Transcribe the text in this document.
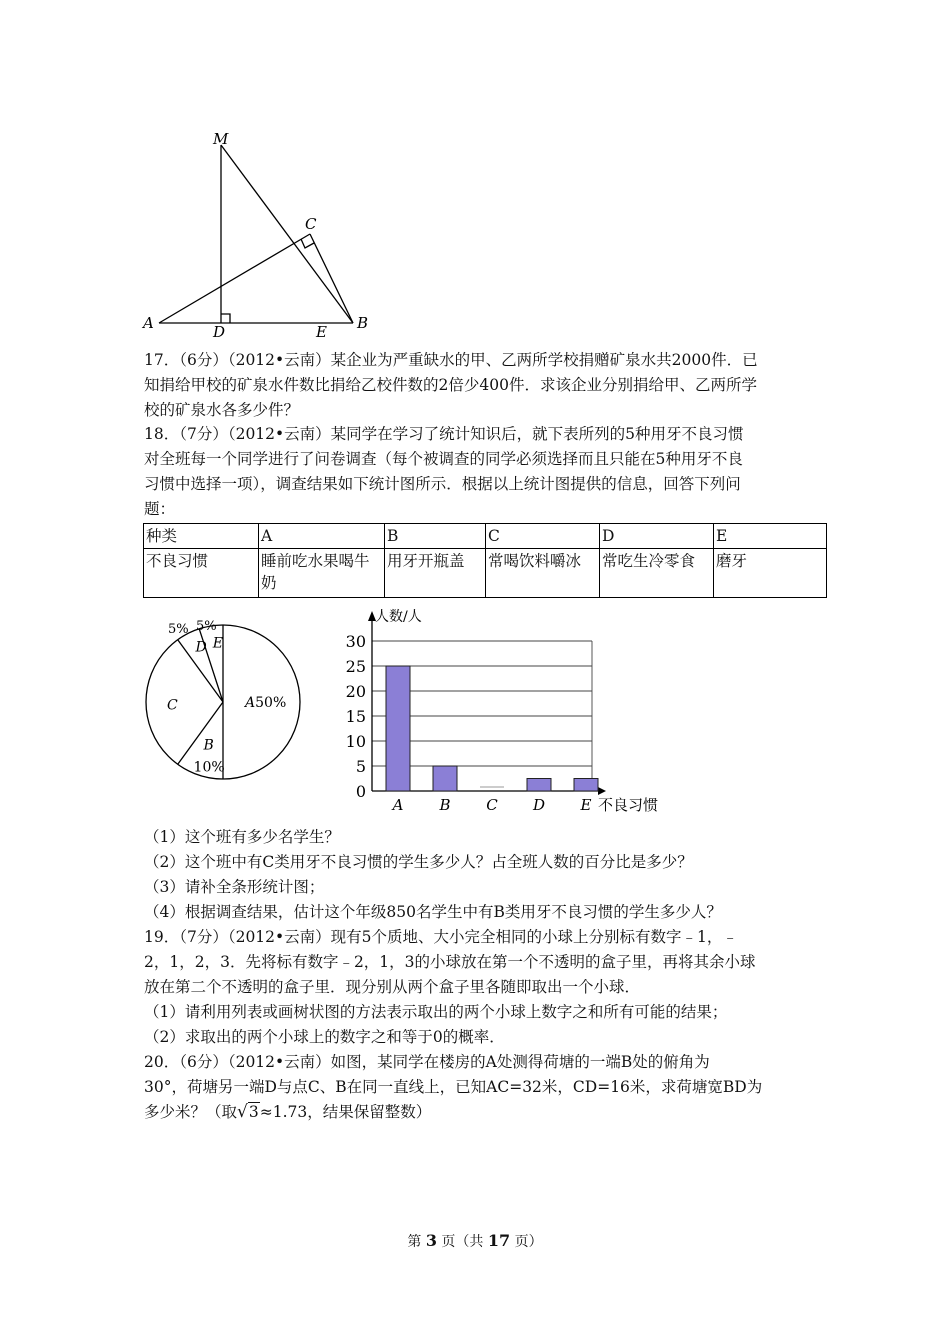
M
C
A	D	E B
17．（6分）（2012•云南）某企业为严重缺水的甲、乙两所学校捐赠矿泉水共2000件．已
知捐给甲校的矿泉水件数比捐给乙校件数的2倍少400件．求该企业分别捐给甲、乙两所学
校的矿泉水各多少件？
18．（7分）（2012•云南）某同学在学习了统计知识后，就下表所列的5种用牙不良习惯
对全班每一个同学进行了问卷调查（每个被调查的同学必须选择而且只能在5种用牙不良
习惯中选择一项），调查结果如下统计图所示．根据以上统计图提供的信息，回答下列问
题：
种类	A	B	C	D	E
不良习惯	睡前吃水果喝牛奶	用牙开瓶盖	常喝饮料嚼冰	常吃生冷零食	磨牙
A50%
B
10%
C
D E
5% 5%
0
5
10
15
20
25
30
人数/人
不良习惯
A B C D E
（1）这个班有多少名学生？
（2）这个班中有C类用牙不良习惯的学生多少人？占全班人数的百分比是多少？
（3）请补全条形统计图；
（4）根据调查结果，估计这个年级850名学生中有B类用牙不良习惯的学生多少人？
19．（7分）（2012•云南）现有5个质地、大小完全相同的小球上分别标有数字﹣1，﹣
2，1，2，3．先将标有数字﹣2，1，3的小球放在第一个不透明的盒子里，再将其余小球
放在第二个不透明的盒子里．现分别从两个盒子里各随即取出一个小球．
（1）请利用列表或画树状图的方法表示取出的两个小球上数字之和所有可能的结果；
（2）求取出的两个小球上的数字之和等于0的概率．
20．（6分）（2012•云南）如图，某同学在楼房的A处测得荷塘的一端B处的俯角为
30°，荷塘另一端D与点C、B在同一直线上，已知AC=32米，CD=16米，求荷塘宽BD为
多少米？（取√3≈1.73，结果保留整数）
第 3 页（共 17 页）
